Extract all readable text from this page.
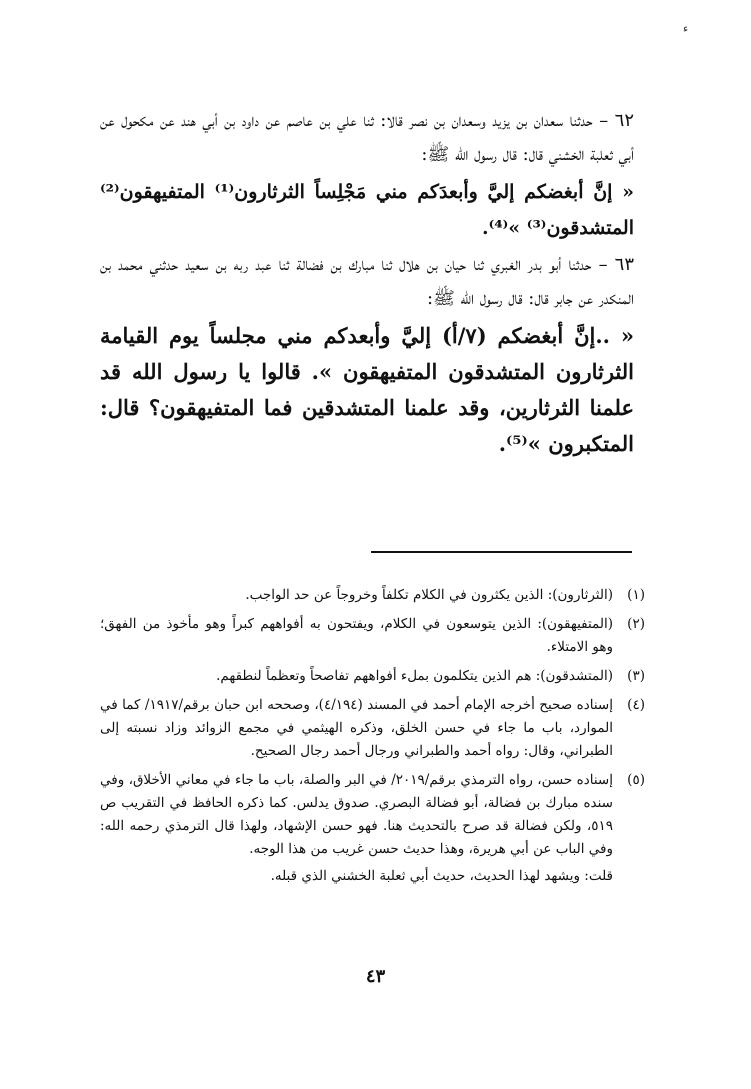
ء

٦٢ – حدثنا سعدان بن يزيد وسعدان بن نصر قالا: ثنا علي بن عاصم عن داود بن أبي هند عن مكحول عن أبي ثعلبة الخشني قال: قال رسول الله ﷺ:

« إنَّ أبغضكم إليَّ وأبعدَكم مني مَجْلِساً الثرثارون⁽¹⁾ المتفيهقون⁽²⁾ المتشدقون⁽³⁾ »⁽⁴⁾.

٦٣ – حدثنا أبو بدر الغبري ثنا حيان بن هلال ثنا مبارك بن فضالة ثنا عبد ربه بن سعيد حدثني محمد بن المنكدر عن جابر قال: قال رسول الله ﷺ:

« ..إنَّ أبغضكم (٧/أ) إليَّ وأبعدكم مني مجلساً يوم القيامة الثرثارون المتشدقون المتفيهقون ». قالوا يا رسول الله قد علمنا الثرثارين، وقد علمنا المتشدقين فما المتفيهقون؟ قال: المتكبرون »⁽⁵⁾.

(١)
(الثرثارون): الذين يكثرون في الكلام تكلفاً وخروجاً عن حد الواجب.
(٢)
(المتفيهقون): الذين يتوسعون في الكلام، ويفتحون به أفواههم كبراً وهو مأخوذ من الفهق؛ وهو الامتلاء.
(٣)
(المتشدقون): هم الذين يتكلمون بملء أفواههم تفاصحاً وتعظماً لنطقهم.
(٤)
إسناده صحيح أخرجه الإمام أحمد في المسند (٤/١٩٤)، وصححه ابن حبان برقم/١٩١٧/ كما في الموارد، باب ما جاء في حسن الخلق، وذكره الهيثمي في مجمع الزوائد وزاد نسبته إلى الطبراني، وقال: رواه أحمد والطبراني ورجال أحمد رجال الصحيح.
(٥)
إسناده حسن، رواه الترمذي برقم/٢٠١٩/ في البر والصلة، باب ما جاء في معاني الأخلاق، وفي سنده مبارك بن فضالة، أبو فضالة البصري. صدوق يدلس. كما ذكره الحافظ في التقريب ص ٥١٩، ولكن فضالة قد صرح بالتحديث هنا. فهو حسن الإشهاد، ولهذا قال الترمذي رحمه الله: وفي الباب عن أبي هريرة، وهذا حديث حسن غريب من هذا الوجه.
قلت: ويشهد لهذا الحديث، حديث أبي ثعلبة الخشني الذي قبله.
٤٣
